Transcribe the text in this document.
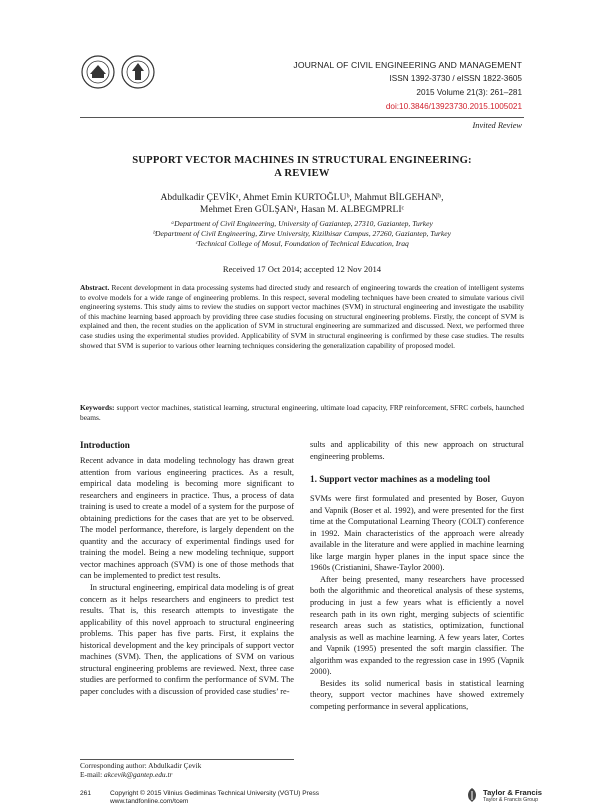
JOURNAL OF CIVIL ENGINEERING AND MANAGEMENT
ISSN 1392-3730 / eISSN 1822-3605
2015 Volume 21(3): 261–281
doi:10.3846/13923730.2015.1005021
Invited Review
SUPPORT VECTOR MACHINES IN STRUCTURAL ENGINEERING:
A REVIEW
Abdulkadir ÇEVİKᵃ, Ahmet Emin KURTOĞLUᵇ, Mahmut BİLGEHANᵇ,
Mehmet Eren GÜLŞANᵃ, Hasan M. ALBEGMPRLIᶜ
ᵃDepartment of Civil Engineering, University of Gaziantep, 27310, Gaziantep, Turkey
ᵇDepartment of Civil Engineering, Zirve University, Kizilhisar Campus, 27260, Gaziantep, Turkey
ᶜTechnical College of Mosul, Foundation of Technical Education, Iraq
Received 17 Oct 2014; accepted 12 Nov 2014
Abstract. Recent development in data processing systems had directed study and research of engineering towards the creation of intelligent systems to evolve models for a wide range of engineering problems. In this respect, several modeling techniques have been created to simulate various civil engineering systems. This study aims to review the studies on support vector machines (SVM) in structural engineering and investigate the usability of this machine learning based approach by providing three case studies focusing on structural engineering problems. Firstly, the concept of SVM is explained and then, the recent studies on the application of SVM in structural engineering are summarized and discussed. Next, we performed three case studies using the experimental studies provided. Applicability of SVM in structural engineering is confirmed by these case studies. The results showed that SVM is superior to various other learning techniques considering the generalization capability of proposed model.
Keywords: support vector machines, statistical learning, structural engineering, ultimate load capacity, FRP reinforcement, SFRC corbels, haunched beams.
Introduction

Recent advance in data modeling technology has drawn great attention from various engineering practices. As a result, empirical data modeling is becoming more significant to researchers and engineers in practice. Thus, a process of data training is used to create a model of a system for the purpose of obtaining predictions for the cases that are yet to be observed. The model performance, therefore, is largely dependent on the quantity and the accuracy of experimental findings used for training the model. Being a new modeling technique, support vector machines approach (SVM) is one of those methods that can be implemented to predict test results.

In structural engineering, empirical data modeling is of great concern as it helps researchers and engineers to predict test results. That is, this research attempts to investigate the applicability of this novel approach to structural engineering problems. This paper has five parts. First, it explains the historical development and the key principals of support vector machines (SVM). Then, the applications of SVM on various structural engineering problems are reviewed. Next, three case studies are performed to confirm the performance of SVM. The paper concludes with a discussion of provided case studies’ re-

sults and applicability of this new approach on structural engineering problems.

1. Support vector machines as a modeling tool

SVMs were first formulated and presented by Boser, Guyon and Vapnik (Boser et al. 1992), and were presented for the first time at the Computational Learning Theory (COLT) conference in 1992. Main characteristics of the approach were already available in the literature and were applied in machine learning like large margin hyper planes in the input space since the 1960s (Cristianini, Shawe-Taylor 2000).

After being presented, many researchers have processed both the algorithmic and theoretical analysis of these systems, producing in just a few years what is efficiently a novel research path in its own right, merging subjects of scientific research areas such as statistics, optimization, functional analysis as well as machine learning. A few years later, Cortes and Vapnik (1995) presented the soft margin classifier. The algorithm was expanded to the regression case in 1995 (Vapnik 2000).

Besides its solid numerical basis in statistical learning theory, support vector machines have showed extremely competing performance in several applications,

Corresponding author: Abdulkadir Çevik
E-mail: akcevik@gantep.edu.tr
261	Copyright © 2015 Vilnius Gediminas Technical University (VGTU) Press
www.tandfonline.com/tcem
Taylor & Francis
Taylor & Francis Group
